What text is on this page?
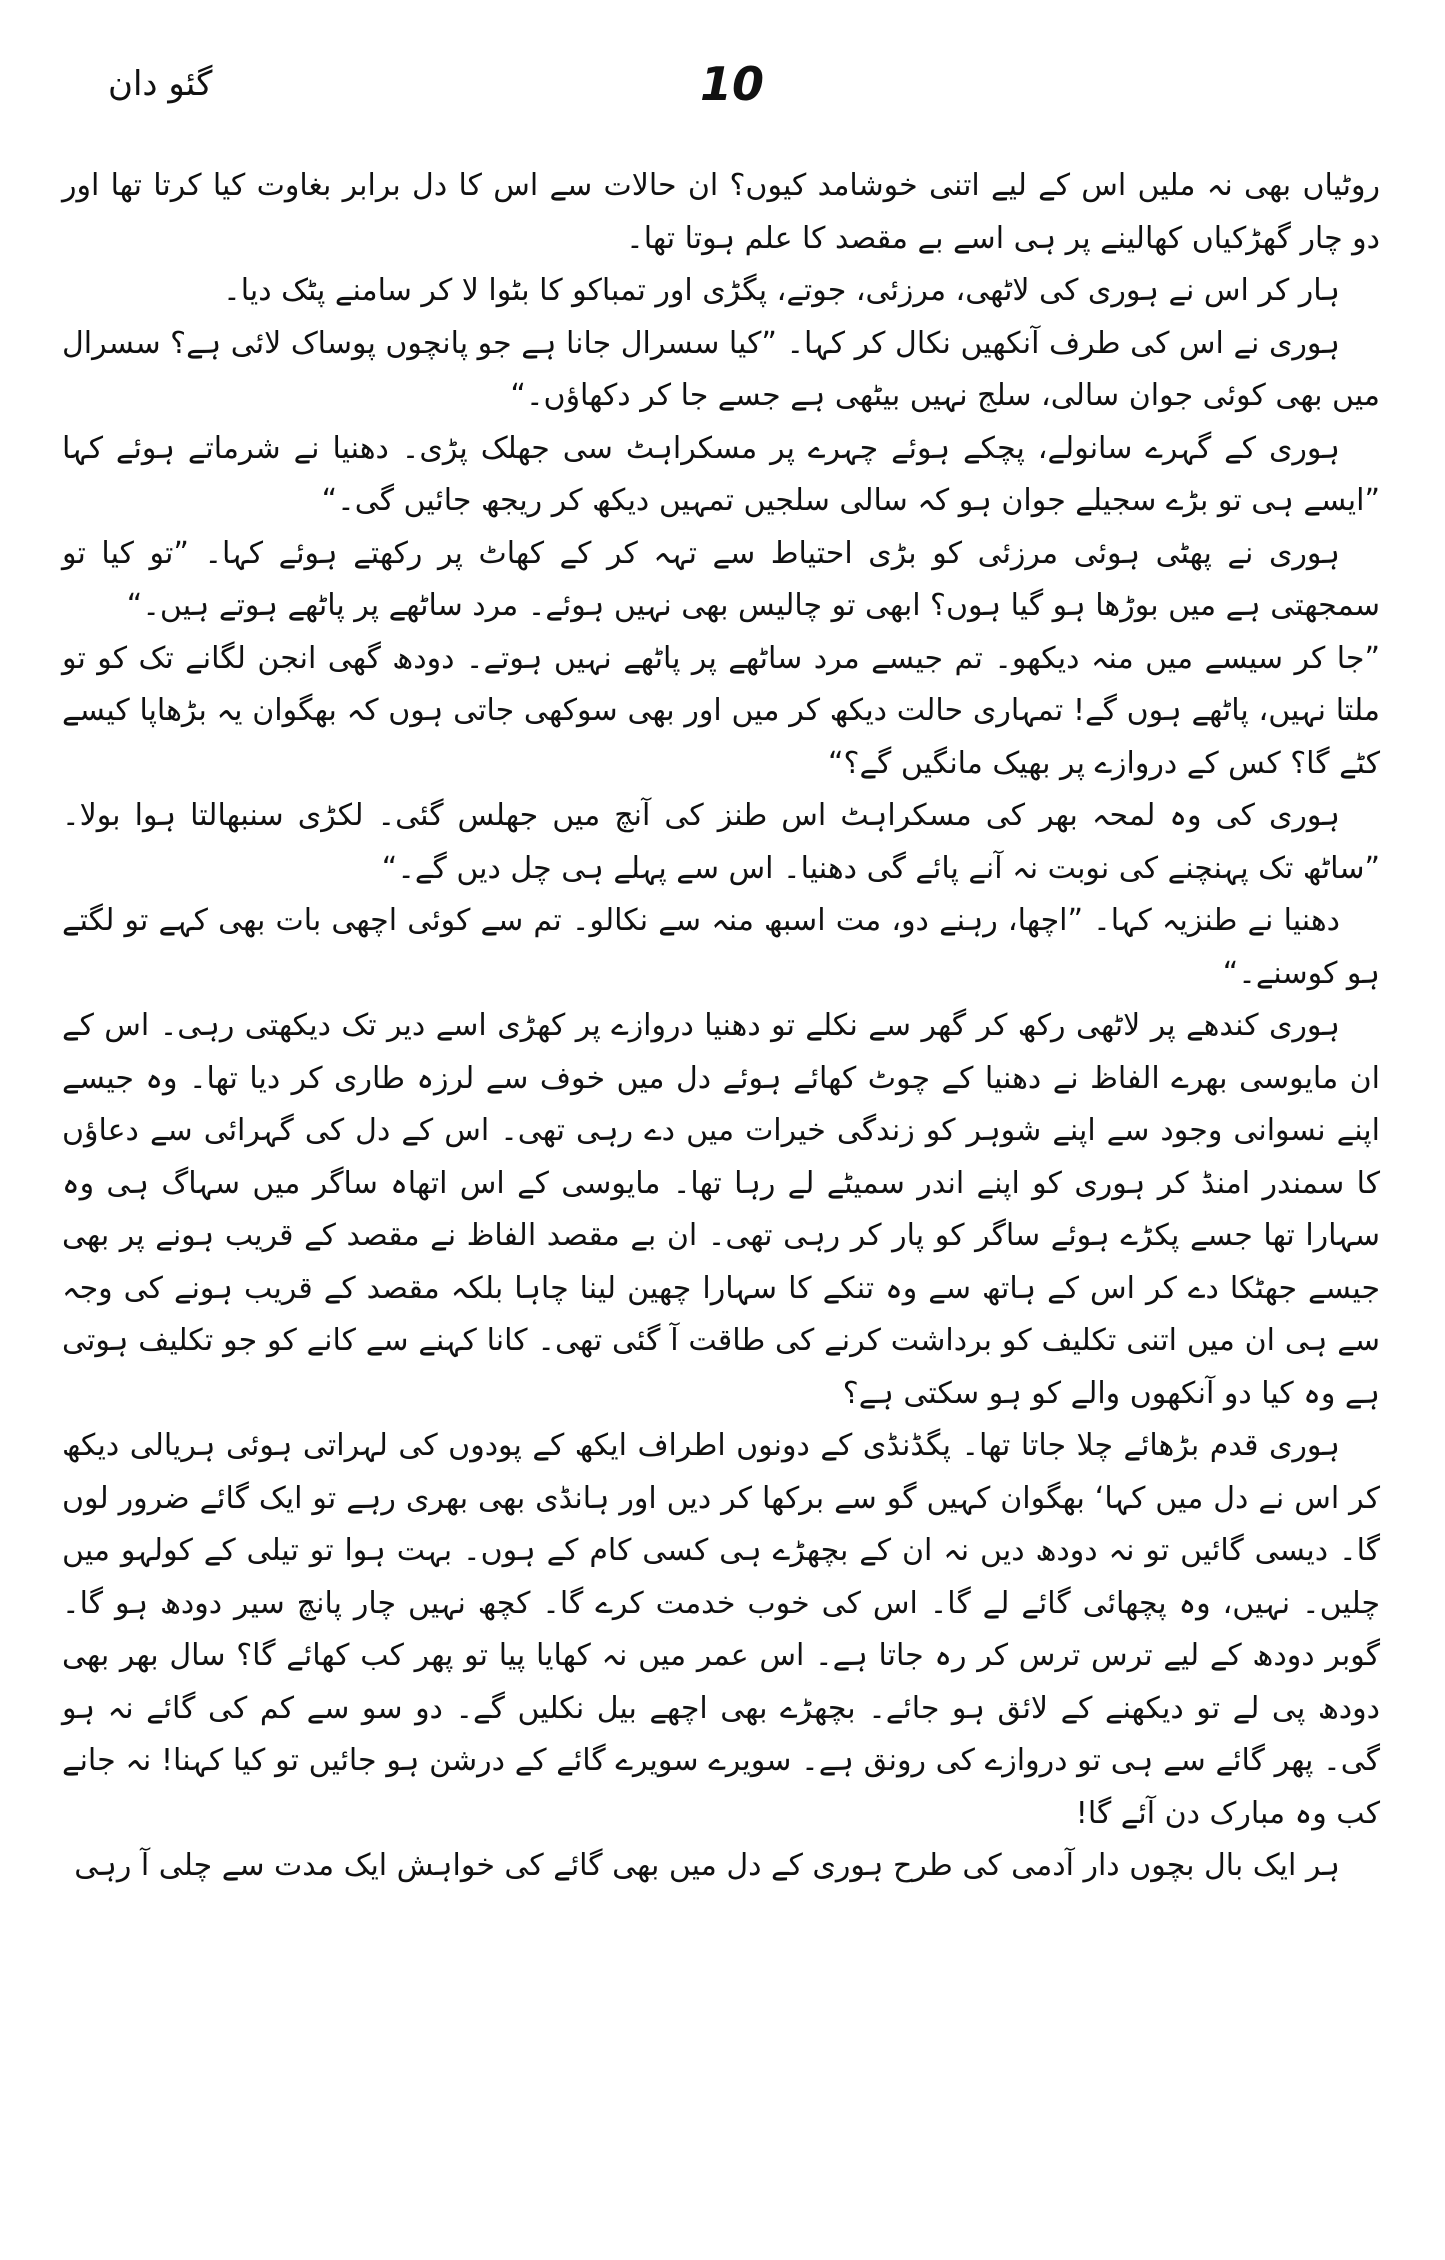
گئو دان	10

روٹیاں بھی نہ ملیں اس کے لیے اتنی خوشامد کیوں؟ ان حالات سے اس کا دل برابر بغاوت کیا کرتا تھا اور دو چار گھڑکیاں کھالینے پر ہی اسے بے مقصد کا علم ہوتا تھا۔

ہار کر اس نے ہوری کی لاٹھی، مرزئی، جوتے، پگڑی اور تمباکو کا بٹوا لا کر سامنے پٹک دیا۔

ہوری نے اس کی طرف آنکھیں نکال کر کہا۔ ”کیا سسرال جانا ہے جو پانچوں پوساک لائی ہے؟ سسرال میں بھی کوئی جوان سالی، سلج نہیں بیٹھی ہے جسے جا کر دکھاؤں۔“

ہوری کے گہرے سانولے، پچکے ہوئے چہرے پر مسکراہٹ سی جھلک پڑی۔ دھنیا نے شرماتے ہوئے کہا ”ایسے ہی تو بڑے سجیلے جوان ہو کہ سالی سلجیں تمہیں دیکھ کر ریجھ جائیں گی۔“

ہوری نے پھٹی ہوئی مرزئی کو بڑی احتیاط سے تہہ کر کے کھاٹ پر رکھتے ہوئے کہا۔ ”تو کیا تو سمجھتی ہے میں بوڑھا ہو گیا ہوں؟ ابھی تو چالیس بھی نہیں ہوئے۔ مرد ساٹھے پر پاٹھے ہوتے ہیں۔“

”جا کر سیسے میں منہ دیکھو۔ تم جیسے مرد ساٹھے پر پاٹھے نہیں ہوتے۔ دودھ گھی انجن لگانے تک کو تو ملتا نہیں، پاٹھے ہوں گے! تمہاری حالت دیکھ کر میں اور بھی سوکھی جاتی ہوں کہ بھگوان یہ بڑھاپا کیسے کٹے گا؟ کس کے دروازے پر بھیک مانگیں گے؟“

ہوری کی وہ لمحہ بھر کی مسکراہٹ اس طنز کی آنچ میں جھلس گئی۔ لکڑی سنبھالتا ہوا بولا۔ ”ساٹھ تک پہنچنے کی نوبت نہ آنے پائے گی دھنیا۔ اس سے پہلے ہی چل دیں گے۔“

دھنیا نے طنزیہ کہا۔ ”اچھا، رہنے دو، مت اسبھ منہ سے نکالو۔ تم سے کوئی اچھی بات بھی کہے تو لگتے ہو کوسنے۔“

ہوری کندھے پر لاٹھی رکھ کر گھر سے نکلے تو دھنیا دروازے پر کھڑی اسے دیر تک دیکھتی رہی۔ اس کے ان مایوسی بھرے الفاظ نے دھنیا کے چوٹ کھائے ہوئے دل میں خوف سے لرزہ طاری کر دیا تھا۔ وہ جیسے اپنے نسوانی وجود سے اپنے شوہر کو زندگی خیرات میں دے رہی تھی۔ اس کے دل کی گہرائی سے دعاؤں کا سمندر امنڈ کر ہوری کو اپنے اندر سمیٹے لے رہا تھا۔ مایوسی کے اس اتھاہ ساگر میں سہاگ ہی وہ سہارا تھا جسے پکڑے ہوئے ساگر کو پار کر رہی تھی۔ ان بے مقصد الفاظ نے مقصد کے قریب ہونے پر بھی جیسے جھٹکا دے کر اس کے ہاتھ سے وہ تنکے کا سہارا چھین لینا چاہا بلکہ مقصد کے قریب ہونے کی وجہ سے ہی ان میں اتنی تکلیف کو برداشت کرنے کی طاقت آ گئی تھی۔ کانا کہنے سے کانے کو جو تکلیف ہوتی ہے وہ کیا دو آنکھوں والے کو ہو سکتی ہے؟

ہوری قدم بڑھائے چلا جاتا تھا۔ پگڈنڈی کے دونوں اطراف ایکھ کے پودوں کی لہراتی ہوئی ہریالی دیکھ کر اس نے دل میں کہا‘ بھگوان کہیں گو سے برکھا کر دیں اور ہانڈی بھی بھری رہے تو ایک گائے ضرور لوں گا۔ دیسی گائیں تو نہ دودھ دیں نہ ان کے بچھڑے ہی کسی کام کے ہوں۔ بہت ہوا تو تیلی کے کولہو میں چلیں۔ نہیں، وہ پچھائی گائے لے گا۔ اس کی خوب خدمت کرے گا۔ کچھ نہیں چار پانچ سیر دودھ ہو گا۔ گوبر دودھ کے لیے ترس ترس کر رہ جاتا ہے۔ اس عمر میں نہ کھایا پیا تو پھر کب کھائے گا؟ سال بھر بھی دودھ پی لے تو دیکھنے کے لائق ہو جائے۔ بچھڑے بھی اچھے بیل نکلیں گے۔ دو سو سے کم کی گائے نہ ہو گی۔ پھر گائے سے ہی تو دروازے کی رونق ہے۔ سویرے سویرے گائے کے درشن ہو جائیں تو کیا کہنا! نہ جانے کب وہ مبارک دن آئے گا!

ہر ایک بال بچوں دار آدمی کی طرح ہوری کے دل میں بھی گائے کی خواہش ایک مدت سے چلی آ رہی
